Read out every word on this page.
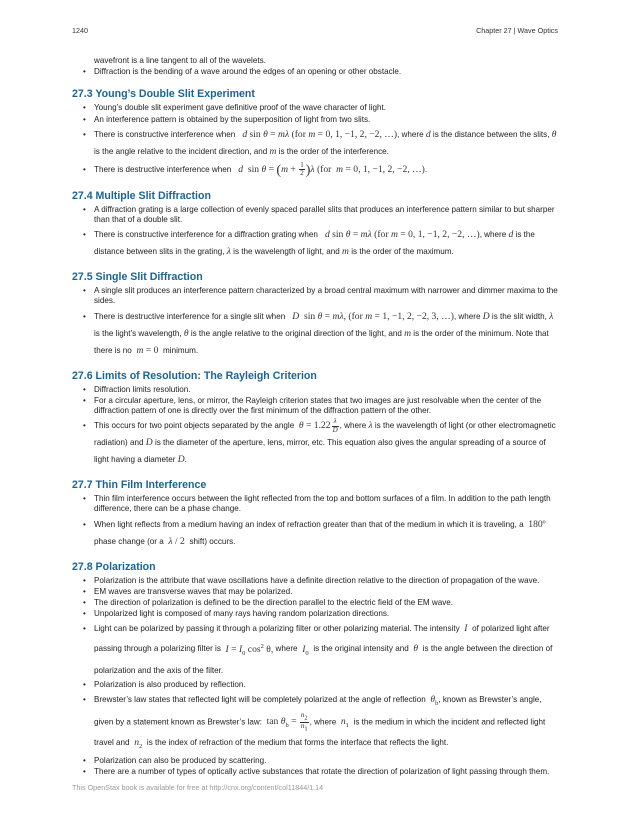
1240	Chapter 27 | Wave Optics
wavefront is a line tangent to all of the wavelets.
• Diffraction is the bending of a wave around the edges of an opening or other obstacle.
27.3 Young’s Double Slit Experiment
• Young’s double slit experiment gave definitive proof of the wave character of light.
• An interference pattern is obtained by the superposition of light from two slits.
• There is constructive interference when d sin θ = mλ (for m = 0, 1, −1, 2, −2, …), where d is the distance between the slits, θ is the angle relative to the incident direction, and m is the order of the interference.
• There is destructive interference when d  $\sin \theta = (m + \frac{1}{2} )\lambda$ (for  m = 0, 1, −1, 2, −2, …).
27.4 Multiple Slit Diffraction
• A diffraction grating is a large collection of evenly spaced parallel slits that produces an interference pattern similar to but sharper than that of a double slit.
• There is constructive interference for a diffraction grating when d sin θ = mλ (for m = 0, 1, −1, 2, −2, …), where d is the distance between slits in the grating, λ is the wavelength of light, and m is the order of the maximum.
27.5 Single Slit Diffraction
• A single slit produces an interference pattern characterized by a broad central maximum with narrower and dimmer maxima to the sides.
• There is destructive interference for a single slit when D  sin θ = mλ, (for m = 1, −1, 2, −2, 3, …), where D is the slit width, λ is the light’s wavelength, θ is the angle relative to the original direction of the light, and m is the order of the minimum. Note that there is no m = 0  minimum.
27.6 Limits of Resolution: The Rayleigh Criterion
• Diffraction limits resolution.
• For a circular aperture, lens, or mirror, the Rayleigh criterion states that two images are just resolvable when the center of the diffraction pattern of one is directly over the first minimum of the diffraction pattern of the other.
• This occurs for two point objects separated by the angle $\theta = 1.22 \frac{\lambda}{D}$ , where λ is the wavelength of light (or other electromagnetic radiation) and D is the diameter of the aperture, lens, mirror, etc. This equation also gives the angular spreading of a source of light having a diameter D.
27.7 Thin Film Interference
• Thin film interference occurs between the light reflected from the top and bottom surfaces of a film. In addition to the path length difference, there can be a phase change.
• When light reflects from a medium having an index of refraction greater than that of the medium in which it is traveling, a  180º  phase change (or a λ / 2  shift) occurs.
27.8 Polarization
• Polarization is the attribute that wave oscillations have a definite direction relative to the direction of propagation of the wave.
• EM waves are transverse waves that may be polarized.
• The direction of polarization is defined to be the direction parallel to the electric field of the EM wave.
• Unpolarized light is composed of many rays having random polarization directions.
• Light can be polarized by passing it through a polarizing filter or other polarizing material. The intensity I of polarized light after passing through a polarizing filter is $I = I_0$ $\cos^2 \theta$, where $I_0$ is the original intensity and θ is the angle between the direction of polarization and the axis of the filter.
• Polarization is also produced by reflection.
• Brewster’s law states that reflected light will be completely polarized at the angle of reflection $\theta_b$, known as Brewster’s angle, given by a statement known as Brewster’s law:  $\tan \theta_b = \frac{n_2}{n_1}$ , where $n_1$ is the medium in which the incident and reflected light travel and $n_2$ is the index of refraction of the medium that forms the interface that reflects the light.
• Polarization can also be produced by scattering.
• There are a number of types of optically active substances that rotate the direction of polarization of light passing through them.
This OpenStax book is available for free at http://cnx.org/content/col11844/1.14
